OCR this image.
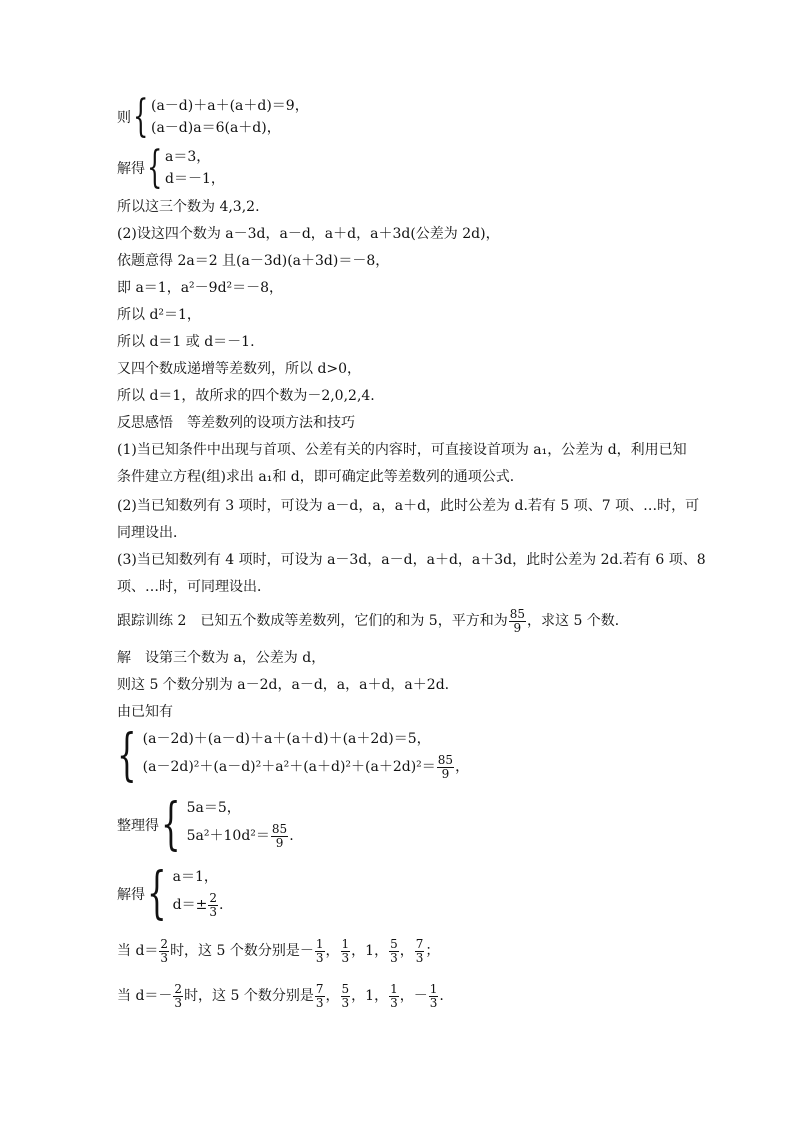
则 { (a－d)＋a＋(a＋d)＝9，
(a－d)a＝6(a＋d)，
解得 { a＝3，
d＝－1，
所以这三个数为 4,3,2.
(2)设这四个数为 a－3d，a－d，a＋d，a＋3d(公差为 2d)，
依题意得 2a＝2 且(a－3d)(a＋3d)＝－8，
即 a＝1，a²－9d²＝－8，
所以 d²＝1，
所以 d＝1 或 d＝－1.
又四个数成递增等差数列，所以 d>0，
所以 d＝1，故所求的四个数为－2,0,2,4.
反思感悟　等差数列的设项方法和技巧
(1)当已知条件中出现与首项、公差有关的内容时，可直接设首项为 a₁，公差为 d，利用已知
条件建立方程(组)求出 a₁和 d，即可确定此等差数列的通项公式．
(2)当已知数列有 3 项时，可设为 a－d，a，a＋d，此时公差为 d.若有 5 项、7 项、…时，可
同理设出．
(3)当已知数列有 4 项时，可设为 a－3d，a－d，a＋d，a＋3d，此时公差为 2d.若有 6 项、8
项、…时，可同理设出．
跟踪训练 2　已知五个数成等差数列，它们的和为 5，平方和为 $\frac{85}{9}$ ，求这 5 个数．
解　设第三个数为 a，公差为 d，
则这 5 个数分别为 a－2d，a－d，a，a＋d，a＋2d.
由已知有
{ (a－2d)＋(a－d)＋a＋(a＋d)＋(a＋2d)＝5，
$(a-2d)^2+(a-d)^2+a^2+(a+d)^2+(a+2d)^2= \frac{85}{9}$ ，
整理得 { 5a＝5，
$5a^2+10d^2= \frac{85}{9}$ .
解得 { a＝1，
$d=\pm \frac{2}{3}$ .
当 $d= \frac{2}{3}$ 时，这 5 个数分别是－ $\frac{1}{3}$ ， $\frac{1}{3}$ ，1， $\frac{5}{3}$ ， $\frac{7}{3}$ ；
当 $d=- \frac{2}{3}$ 时，这 5 个数分别是 $\frac{7}{3}$ ， $\frac{5}{3}$ ，1， $\frac{1}{3}$ ，－ $\frac{1}{3}$ .
